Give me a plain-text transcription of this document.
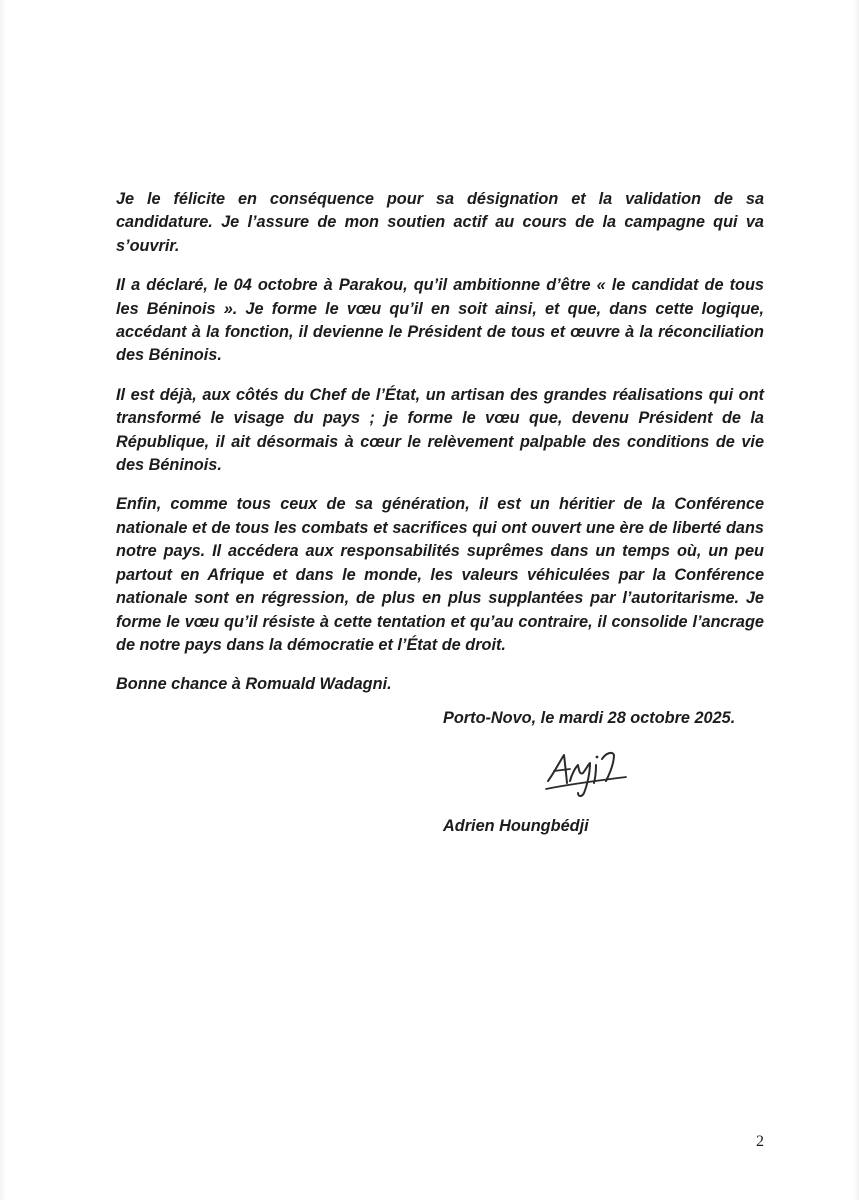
Je le félicite en conséquence pour sa désignation et la validation de sa candidature. Je l’assure de mon soutien actif au cours de la campagne qui va s’ouvrir.

Il a déclaré, le 04 octobre à Parakou, qu’il ambitionne d’être « le candidat de tous les Béninois ». Je forme le vœu qu’il en soit ainsi, et que, dans cette logique, accédant à la fonction, il devienne le Président de tous et œuvre à la réconciliation des Béninois.

Il est déjà, aux côtés du Chef de l’État, un artisan des grandes réalisations qui ont transformé le visage du pays ; je forme le vœu que, devenu Président de la République, il ait désormais à cœur le relèvement palpable des conditions de vie des Béninois.

Enfin, comme tous ceux de sa génération, il est un héritier de la Conférence nationale et de tous les combats et sacrifices qui ont ouvert une ère de liberté dans notre pays. Il accédera aux responsabilités suprêmes dans un temps où, un peu partout en Afrique et dans le monde, les valeurs véhiculées par la Conférence nationale sont en régression, de plus en plus supplantées par l’autoritarisme. Je forme le vœu qu’il résiste à cette tentation et qu’au contraire, il consolide l’ancrage de notre pays dans la démocratie et l’État de droit.

Bonne chance à Romuald Wadagni.

Porto-Novo, le mardi 28 octobre 2025.

Adrien Houngbédji

2
